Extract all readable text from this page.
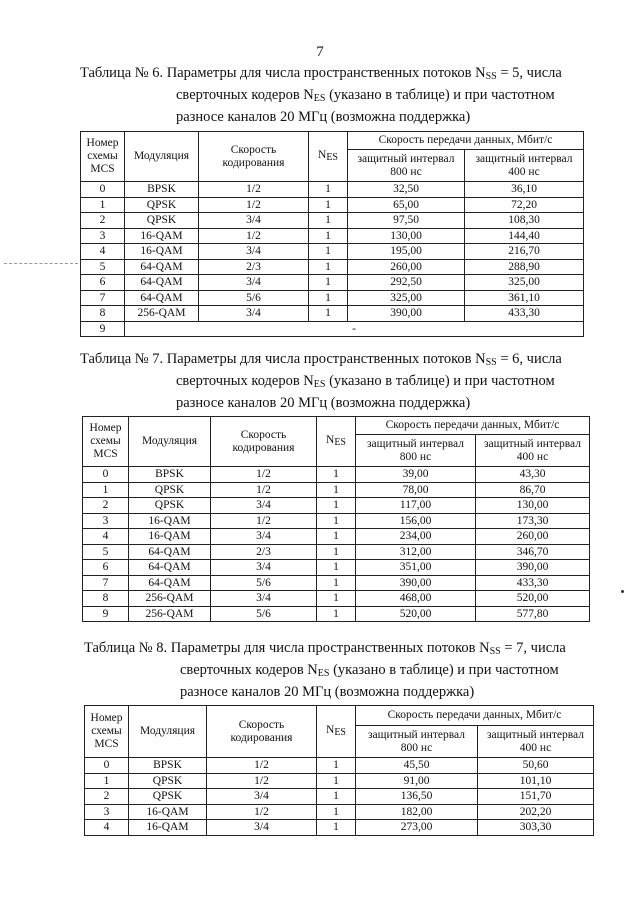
7
Таблица № 6. Параметры для числа пространственных потоков $N_{SS} = 5$, числа
сверточных кодеров $N_{ES}$ (указано в таблице) и при частотном
разносе каналов 20 МГц (возможна поддержка)
Номер схемы MCS	Модуляция	Скорость кодирования	$N_{ES}$	Скорость передачи данных, Мбит/с	
				защитный интервал 800 нс	защитный интервал 400 нс
0	BPSK	1/2	1	32,50	36,10
1	QPSK	1/2	1	65,00	72,20
2	QPSK	3/4	1	97,50	108,30
3	16-QAM	1/2	1	130,00	144,40
4	16-QAM	3/4	1	195,00	216,70
5	64-QAM	2/3	1	260,00	288,90
6	64-QAM	3/4	1	292,50	325,00
7	64-QAM	5/6	1	325,00	361,10
8	256-QAM	3/4	1	390,00	433,30
9	-				
Таблица № 7. Параметры для числа пространственных потоков $N_{SS} = 6$, числа
сверточных кодеров $N_{ES}$ (указано в таблице) и при частотном
разносе каналов 20 МГц (возможна поддержка)
Номер схемы MCS	Модуляция	Скорость кодирования	$N_{ES}$	Скорость передачи данных, Мбит/с	
				защитный интервал 800 нс	защитный интервал 400 нс
0	BPSK	1/2	1	39,00	43,30
1	QPSK	1/2	1	78,00	86,70
2	QPSK	3/4	1	117,00	130,00
3	16-QAM	1/2	1	156,00	173,30
4	16-QAM	3/4	1	234,00	260,00
5	64-QAM	2/3	1	312,00	346,70
6	64-QAM	3/4	1	351,00	390,00
7	64-QAM	5/6	1	390,00	433,30
8	256-QAM	3/4	1	468,00	520,00
9	256-QAM	5/6	1	520,00	577,80
Таблица № 8. Параметры для числа пространственных потоков $N_{SS} = 7$, числа
сверточных кодеров $N_{ES}$ (указано в таблице) и при частотном
разносе каналов 20 МГц (возможна поддержка)
Номер схемы MCS	Модуляция	Скорость кодирования	$N_{ES}$	Скорость передачи данных, Мбит/с	
				защитный интервал 800 нс	защитный интервал 400 нс
0	BPSK	1/2	1	45,50	50,60
1	QPSK	1/2	1	91,00	101,10
2	QPSK	3/4	1	136,50	151,70
3	16-QAM	1/2	1	182,00	202,20
4	16-QAM	3/4	1	273,00	303,30
